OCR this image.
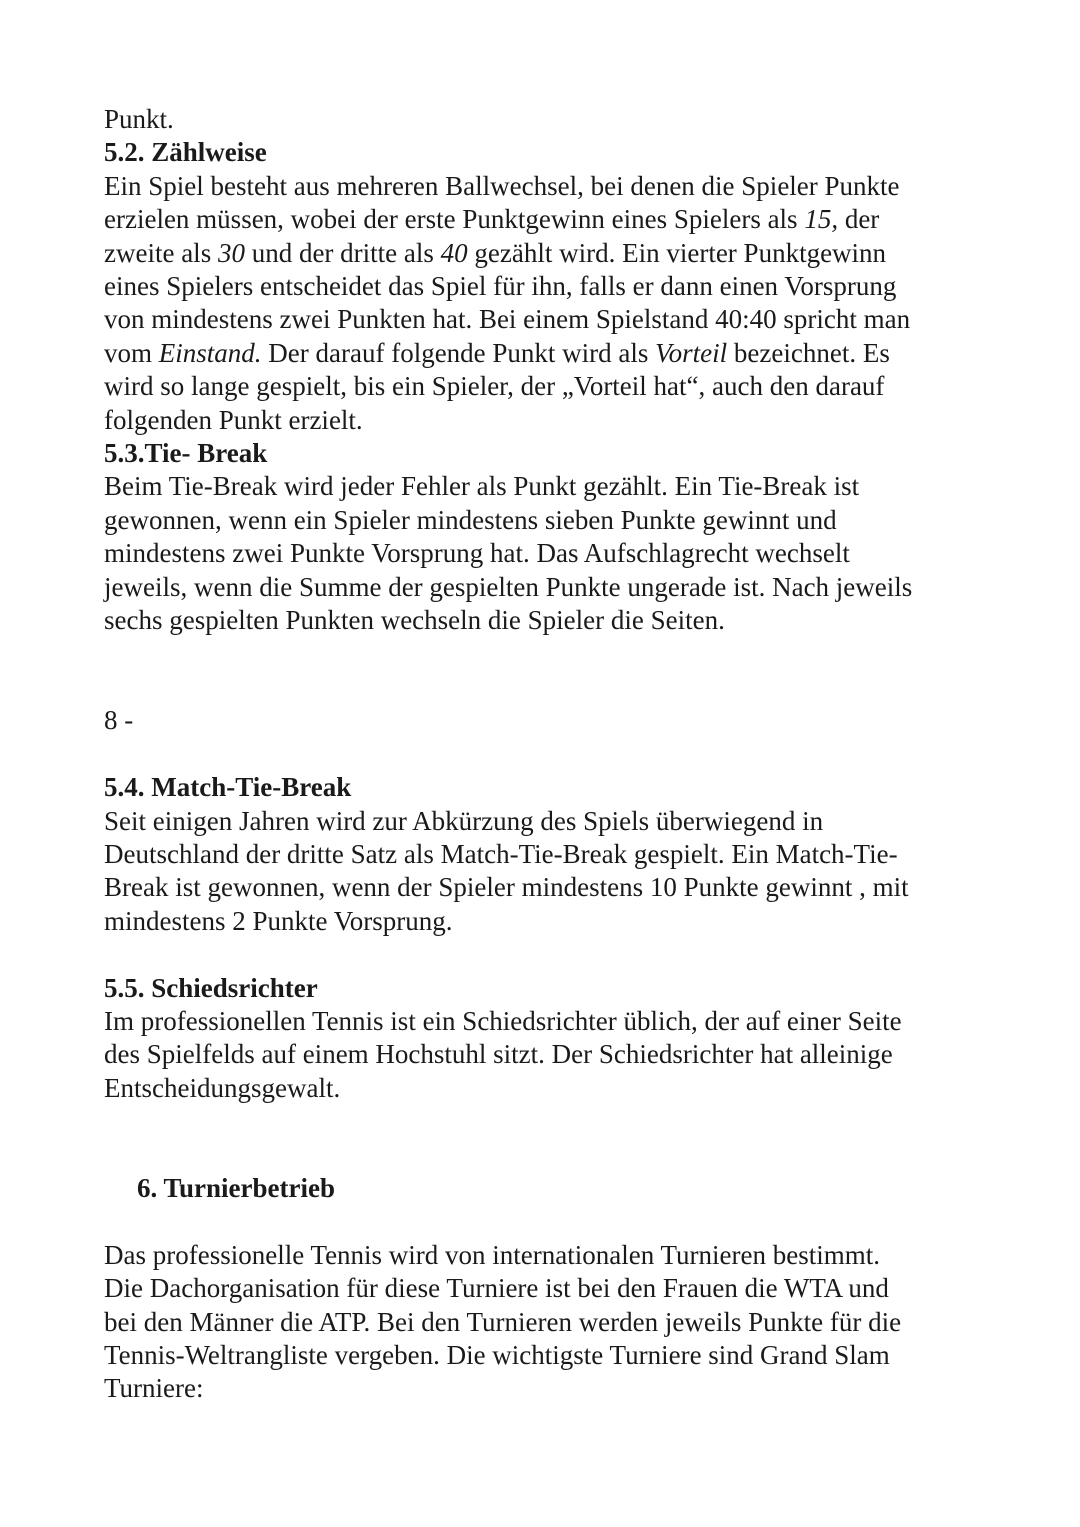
Punkt.
5.2. Zählweise
Ein Spiel besteht aus mehreren Ballwechsel, bei denen die Spieler Punkte
erzielen müssen, wobei der erste Punktgewinn eines Spielers als 15, der
zweite als 30 und der dritte als 40 gezählt wird. Ein vierter Punktgewinn
eines Spielers entscheidet das Spiel für ihn, falls er dann einen Vorsprung
von mindestens zwei Punkten hat. Bei einem Spielstand 40:40 spricht man
vom Einstand. Der darauf folgende Punkt wird als Vorteil bezeichnet. Es
wird so lange gespielt, bis ein Spieler, der „Vorteil hat“, auch den darauf
folgenden Punkt erzielt.
5.3.Tie- Break
Beim Tie-Break wird jeder Fehler als Punkt gezählt. Ein Tie-Break ist
gewonnen, wenn ein Spieler mindestens sieben Punkte gewinnt und
mindestens zwei Punkte Vorsprung hat. Das Aufschlagrecht wechselt
jeweils, wenn die Summe der gespielten Punkte ungerade ist. Nach jeweils
sechs gespielten Punkten wechseln die Spieler die Seiten.
8 -
5.4. Match-Tie-Break
Seit einigen Jahren wird zur Abkürzung des Spiels überwiegend in
Deutschland der dritte Satz als Match-Tie-Break gespielt. Ein Match-Tie-
Break ist gewonnen, wenn der Spieler mindestens 10 Punkte gewinnt , mit
mindestens 2 Punkte Vorsprung.
5.5. Schiedsrichter
Im professionellen Tennis ist ein Schiedsrichter üblich, der auf einer Seite
des Spielfelds auf einem Hochstuhl sitzt. Der Schiedsrichter hat alleinige
Entscheidungsgewalt.
6. Turnierbetrieb
Das professionelle Tennis wird von internationalen Turnieren bestimmt.
Die Dachorganisation für diese Turniere ist bei den Frauen die WTA und
bei den Männer die ATP. Bei den Turnieren werden jeweils Punkte für die
Tennis-Weltrangliste vergeben. Die wichtigste Turniere sind Grand Slam
Turniere:
